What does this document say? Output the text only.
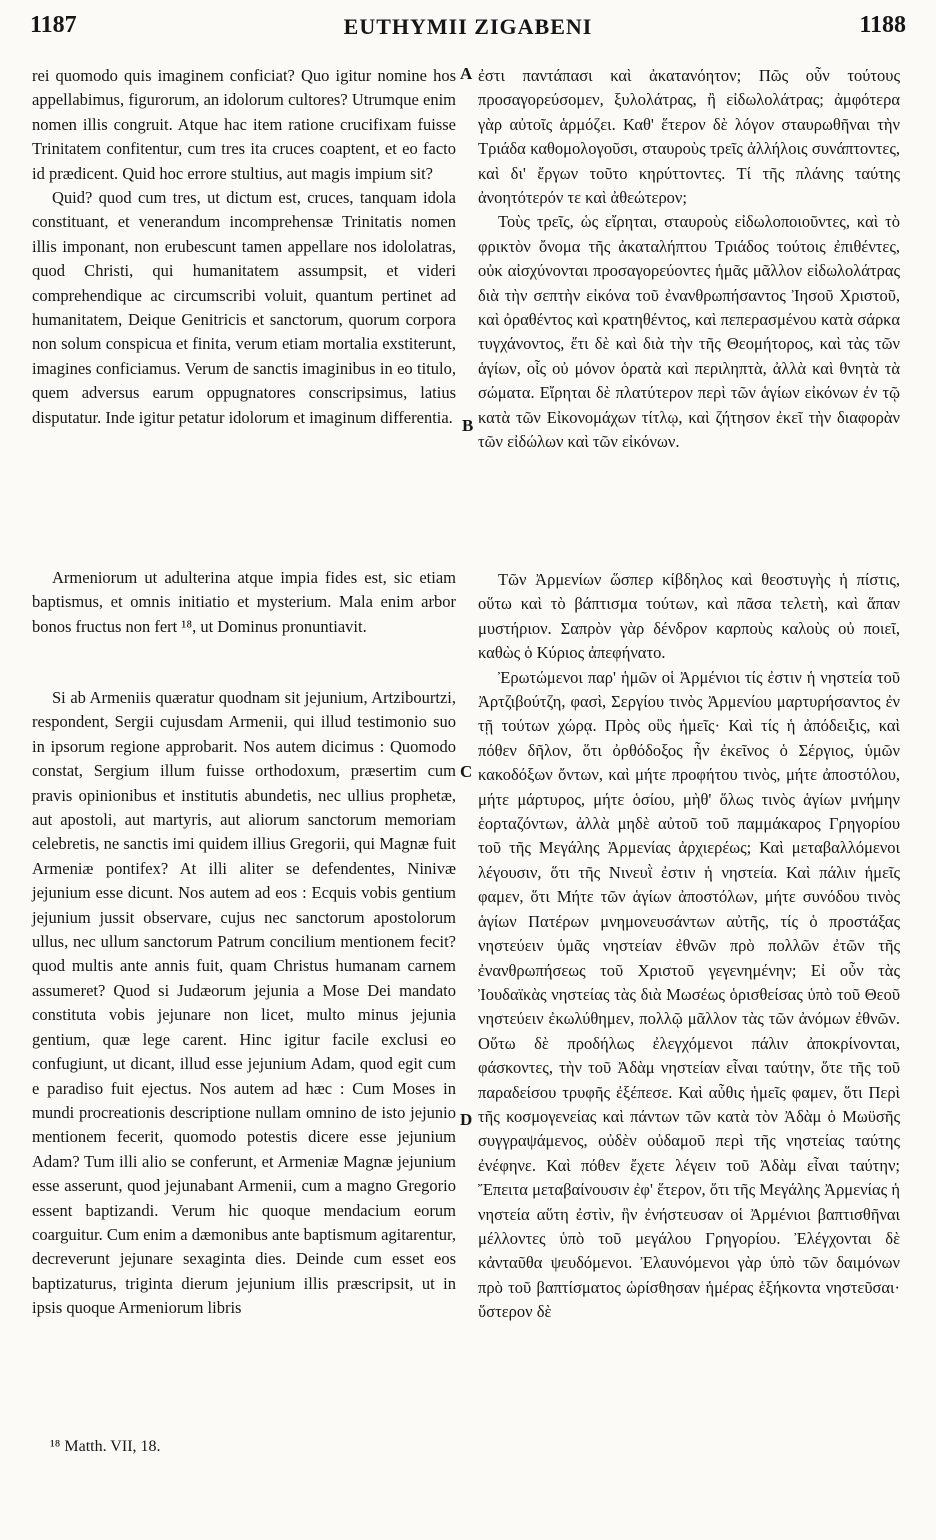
1187	EUTHYMII ZIGABENI	1188

rei quomodo quis imaginem conficiat? Quo igitur nomine hos appellabimus, figurorum, an idolorum cultores? Utrumque enim nomen illis congruit. Atque hac item ratione crucifixam fuisse Trinitatem confitentur, cum tres ita cruces coaptent, et eo facto id prædicent. Quid hoc errore stultius, aut magis impium sit?

Quid? quod cum tres, ut dictum est, cruces, tanquam idola constituant, et venerandum incomprehensæ Trinitatis nomen illis imponant, non erubescunt tamen appellare nos idololatras, quod Christi, qui humanitatem assumpsit, et videri comprehendique ac circumscribi voluit, quantum pertinet ad humanitatem, Deique Genitricis et sanctorum, quorum corpora non solum conspicua et finita, verum etiam mortalia exstiterunt, imagines conficiamus. Verum de sanctis imaginibus in eo titulo, quem adversus earum oppugnatores conscripsimus, latius disputatur. Inde igitur petatur idolorum et imaginum differentia.

Armeniorum ut adulterina atque impia fides est, sic etiam baptismus, et omnis initiatio et mysterium. Mala enim arbor bonos fructus non fert ¹⁸, ut Dominus pronuntiavit.

Si ab Armeniis quæratur quodnam sit jejunium, Artzibourtzi, respondent, Sergii cujusdam Armenii, qui illud testimonio suo in ipsorum regione approbarit. Nos autem dicimus : Quomodo constat, Sergium illum fuisse orthodoxum, præsertim cum pravis opinionibus et institutis abundetis, nec ullius prophetæ, aut apostoli, aut martyris, aut aliorum sanctorum memoriam celebretis, ne sanctis imi quidem illius Gregorii, qui Magnæ fuit Armeniæ pontifex? At illi aliter se defendentes, Ninivæ jejunium esse dicunt. Nos autem ad eos : Ecquis vobis gentium jejunium jussit observare, cujus nec sanctorum apostolorum ullus, nec ullum sanctorum Patrum concilium mentionem fecit? quod multis ante annis fuit, quam Christus humanam carnem assumeret? Quod si Judæorum jejunia a Mose Dei mandato constituta vobis jejunare non licet, multo minus jejunia gentium, quæ lege carent. Hinc igitur facile exclusi eo confugiunt, ut dicant, illud esse jejunium Adam, quod egit cum e paradiso fuit ejectus. Nos autem ad hæc : Cum Moses in mundi procreationis descriptione nullam omnino de isto jejunio mentionem fecerit, quomodo potestis dicere esse jejunium Adam? Tum illi alio se conferunt, et Armeniæ Magnæ jejunium esse asserunt, quod jejunabant Armenii, cum a magno Gregorio essent baptizandi. Verum hic quoque mendacium eorum coarguitur. Cum enim a dæmonibus ante baptismum agitarentur, decreverunt jejunare sexaginta dies. Deinde cum esset eos baptizaturus, triginta dierum jejunium illis præscripsit, ut in ipsis quoque Armeniorum libris

ἐστι παντάπασι καὶ ἀκατανόητον; Πῶς οὖν τούτους προσαγορεύσομεν, ξυλολάτρας, ἢ εἰδωλολάτρας; ἀμφότερα γὰρ αὐτοῖς ἁρμόζει. Καθ' ἕτερον δὲ λόγον σταυρωθῆναι τὴν Τριάδα καθομολογοῦσι, σταυροὺς τρεῖς ἀλλήλοις συνάπτοντες, καὶ δι' ἔργων τοῦτο κηρύττοντες. Τί τῆς πλάνης ταύτης ἀνοητότερόν τε καὶ ἀθεώτερον;

Τοὺς τρεῖς, ὡς εἴρηται, σταυροὺς εἰδωλοποιοῦντες, καὶ τὸ φρικτὸν ὄνομα τῆς ἀκαταλήπτου Τριάδος τούτοις ἐπιθέντες, οὐκ αἰσχύνονται προσαγορεύοντες ἡμᾶς μᾶλλον εἰδωλολάτρας διὰ τὴν σεπτὴν εἰκόνα τοῦ ἐνανθρωπήσαντος Ἰησοῦ Χριστοῦ, καὶ ὀραθέντος καὶ κρατηθέντος, καὶ πεπερασμένου κατὰ σάρκα τυγχάνοντος, ἔτι δὲ καὶ διὰ τὴν τῆς Θεομήτορος, καὶ τὰς τῶν ἁγίων, οἷς οὐ μόνον ὁρατὰ καὶ περιληπτὰ, ἀλλὰ καὶ θνητὰ τὰ σώματα. Εἴρηται δὲ πλατύτερον περὶ τῶν ἁγίων εἰκόνων ἐν τῷ κατὰ τῶν Εἰκονομάχων τίτλῳ, καὶ ζήτησον ἐκεῖ τὴν διαφορὰν τῶν εἰδώλων καὶ τῶν εἰκόνων.

Τῶν Ἀρμενίων ὥσπερ κίβδηλος καὶ θεοστυγὴς ἡ πίστις, οὕτω καὶ τὸ βάπτισμα τούτων, καὶ πᾶσα τελετὴ, καὶ ἅπαν μυστήριον. Σαπρὸν γὰρ δένδρον καρποὺς καλοὺς οὐ ποιεῖ, καθὼς ὁ Κύριος ἀπεφήνατο.

Ἐρωτώμενοι παρ' ἡμῶν οἱ Ἀρμένιοι τίς ἐστιν ἡ νηστεία τοῦ Ἀρτζιβούτζη, φασὶ, Σεργίου τινὸς Ἀρμενίου μαρτυρήσαντος ἐν τῇ τούτων χώρᾳ. Πρὸς οὓς ἡμεῖς· Καὶ τίς ἡ ἀπόδειξις, καὶ πόθεν δῆλον, ὅτι ὀρθόδοξος ἦν ἐκεῖνος ὁ Σέργιος, ὑμῶν κακοδόξων ὄντων, καὶ μήτε προφήτου τινὸς, μήτε ἀποστόλου, μήτε μάρτυρος, μήτε ὁσίου, μὴθ' ὅλως τινὸς ἁγίων μνήμην ἑορταζόντων, ἀλλὰ μηδὲ αὐτοῦ τοῦ παμμάκαρος Γρηγορίου τοῦ τῆς Μεγάλης Ἀρμενίας ἀρχιερέως; Καὶ μεταβαλλόμενοι λέγουσιν, ὅτι τῆς Νινευῒ ἐστιν ἡ νηστεία. Καὶ πάλιν ἡμεῖς φαμεν, ὅτι Μήτε τῶν ἁγίων ἀποστόλων, μήτε συνόδου τινὸς ἁγίων Πατέρων μνημονευσάντων αὐτῆς, τίς ὁ προστάξας νηστεύειν ὑμᾶς νηστείαν ἐθνῶν πρὸ πολλῶν ἐτῶν τῆς ἐνανθρωπήσεως τοῦ Χριστοῦ γεγενημένην; Εἰ οὖν τὰς Ἰουδαϊκὰς νηστείας τὰς διὰ Μωσέως ὁρισθείσας ὑπὸ τοῦ Θεοῦ νηστεύειν ἐκωλύθημεν, πολλῷ μᾶλλον τὰς τῶν ἀνόμων ἐθνῶν. Οὕτω δὲ προδήλως ἐλεγχόμενοι πάλιν ἀποκρίνονται, φάσκοντες, τὴν τοῦ Ἀδὰμ νηστείαν εἶναι ταύτην, ὅτε τῆς τοῦ παραδείσου τρυφῆς ἐξέπεσε. Καὶ αὖθις ἡμεῖς φαμεν, ὅτι Περὶ τῆς κοσμογενείας καὶ πάντων τῶν κατὰ τὸν Ἀδὰμ ὁ Μωϋσῆς συγγραψάμενος, οὐδὲν οὐδαμοῦ περὶ τῆς νηστείας ταύτης ἐνέφηνε. Καὶ πόθεν ἔχετε λέγειν τοῦ Ἀδὰμ εἶναι ταύτην; Ἔπειτα μεταβαίνουσιν ἐφ' ἕτερον, ὅτι τῆς Μεγάλης Ἀρμενίας ἡ νηστεία αὕτη ἐστὶν, ἣν ἐνήστευσαν οἱ Ἀρμένιοι βαπτισθῆναι μέλλοντες ὑπὸ τοῦ μεγάλου Γρηγορίου. Ἐλέγχονται δὲ κἀνταῦθα ψευδόμενοι. Ἐλαυνόμενοι γὰρ ὑπὸ τῶν δαιμόνων πρὸ τοῦ βαπτίσματος ὡρίσθησαν ἡμέρας ἑξήκοντα νηστεῦσαι· ὕστερον δὲ

A
B
C
D
¹⁸ Matth. VII, 18.
